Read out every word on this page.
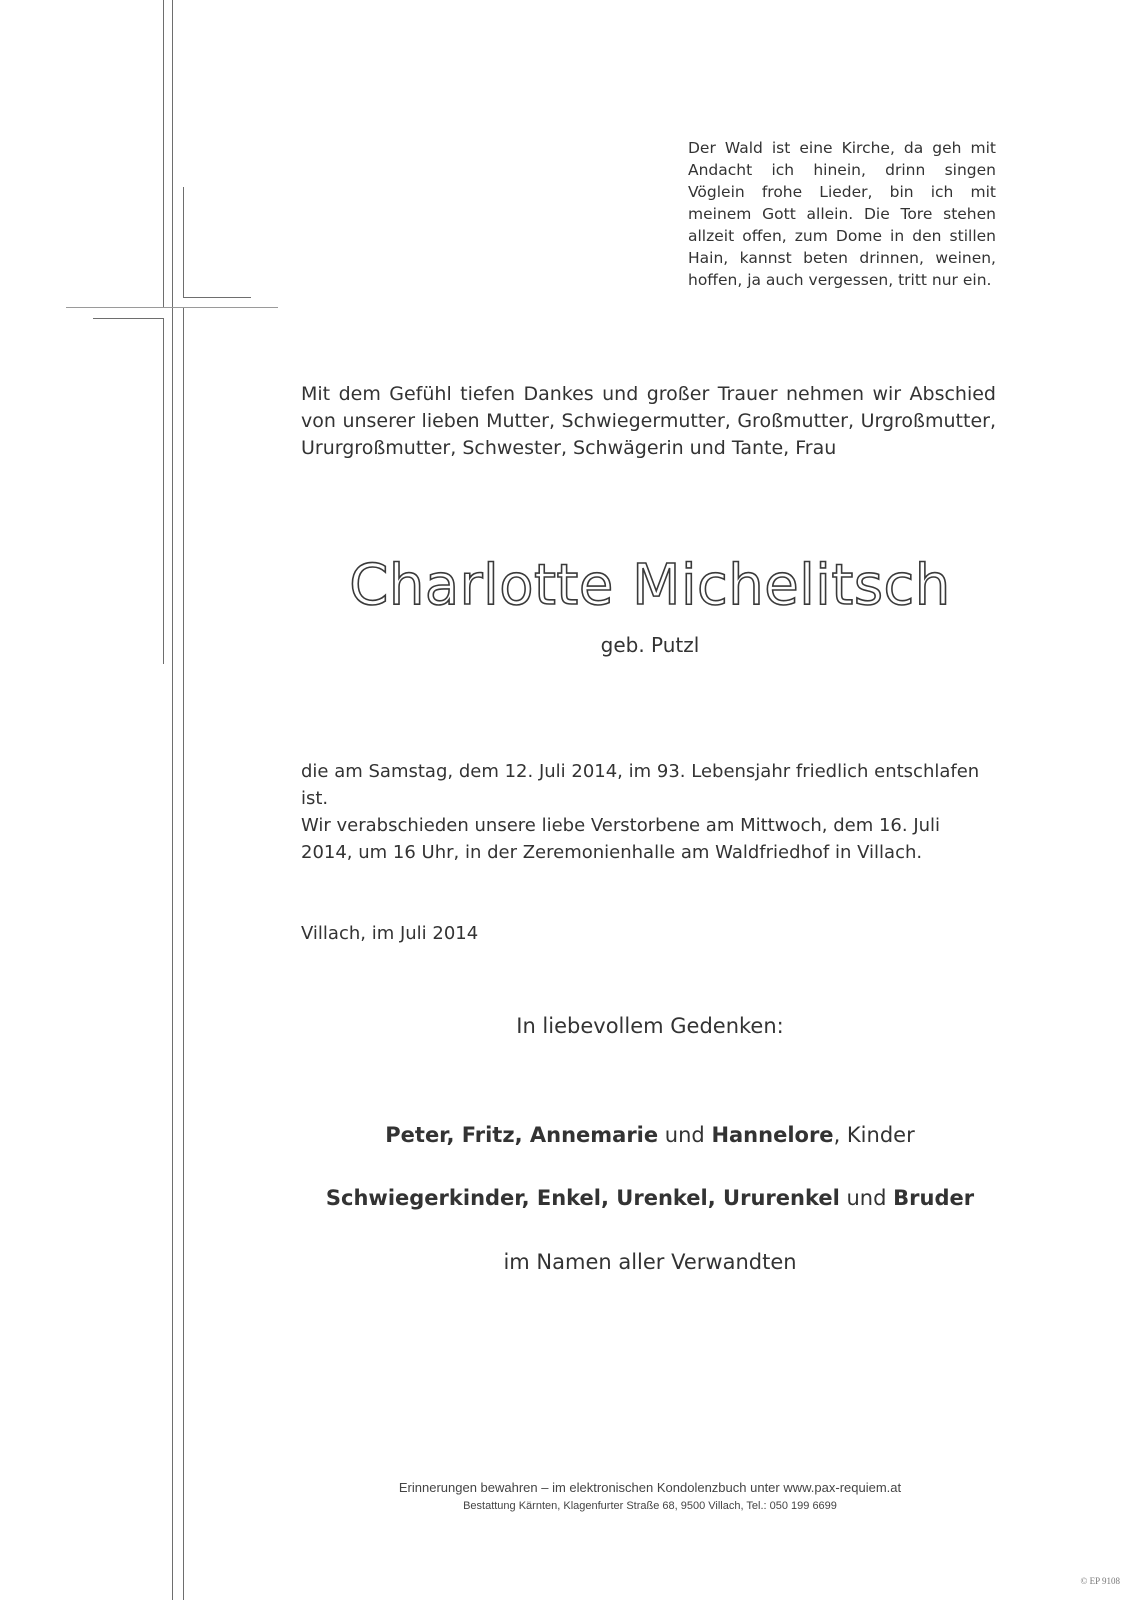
Der Wald ist eine Kirche, da geh mit Andacht ich hinein, drinn singen Vöglein frohe Lieder, bin ich mit meinem Gott allein. Die Tore stehen allzeit offen, zum Dome in den stillen Hain, kannst beten drinnen, weinen, hoffen, ja auch vergessen, tritt nur ein.
Mit dem Gefühl tiefen Dankes und großer Trauer nehmen wir Abschied von unserer lieben Mutter, Schwiegermutter, Großmutter, Urgroßmutter, Ururgroßmutter, Schwester, Schwägerin und Tante, Frau
Charlotte Michelitsch
geb. Putzl
die am Samstag, dem 12. Juli 2014, im 93. Lebensjahr friedlich entschlafen ist.
Wir verabschieden unsere liebe Verstorbene am Mittwoch, dem 16. Juli 2014, um 16 Uhr, in der Zeremonienhalle am Waldfriedhof in Villach.
Villach, im Juli 2014
In liebevollem Gedenken:
Peter, Fritz, Annemarie und Hannelore, Kinder
Schwiegerkinder, Enkel, Urenkel, Ururenkel und Bruder
im Namen aller Verwandten
Erinnerungen bewahren – im elektronischen Kondolenzbuch unter www.pax-requiem.at
Bestattung Kärnten, Klagenfurter Straße 68, 9500 Villach, Tel.: 050 199 6699
© EP 9108
